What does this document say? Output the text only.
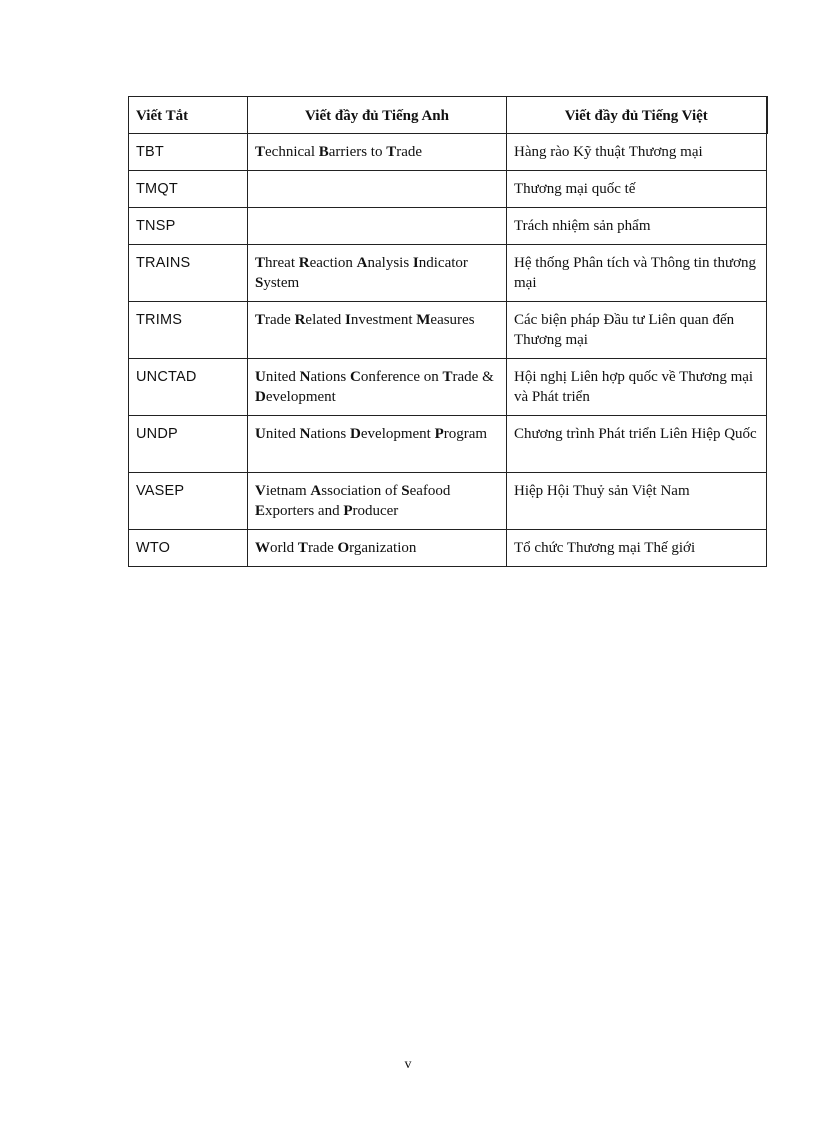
Viết Tắt	Viết đầy đủ Tiếng Anh	Viết đầy đủ Tiếng Việt
TBT	Technical Barriers to Trade	Hàng rào Kỹ thuật Thương mại
TMQT		Thương mại quốc tế
TNSP		Trách nhiệm sản phẩm
TRAINS	Threat Reaction Analysis Indicator System	Hệ thống Phân tích và Thông tin thương mại
TRIMS	Trade Related Investment Measures	Các biện pháp Đầu tư Liên quan đến Thương mại
UNCTAD	United Nations Conference on Trade & Development	Hội nghị Liên hợp quốc về Thương mại và Phát triển
UNDP	United Nations Development Program	Chương trình Phát triển Liên Hiệp Quốc
VASEP	Vietnam Association of Seafood Exporters and Producer	Hiệp Hội Thuỷ sản Việt Nam
WTO	World Trade Organization	Tổ chức Thương mại Thế giới
v
